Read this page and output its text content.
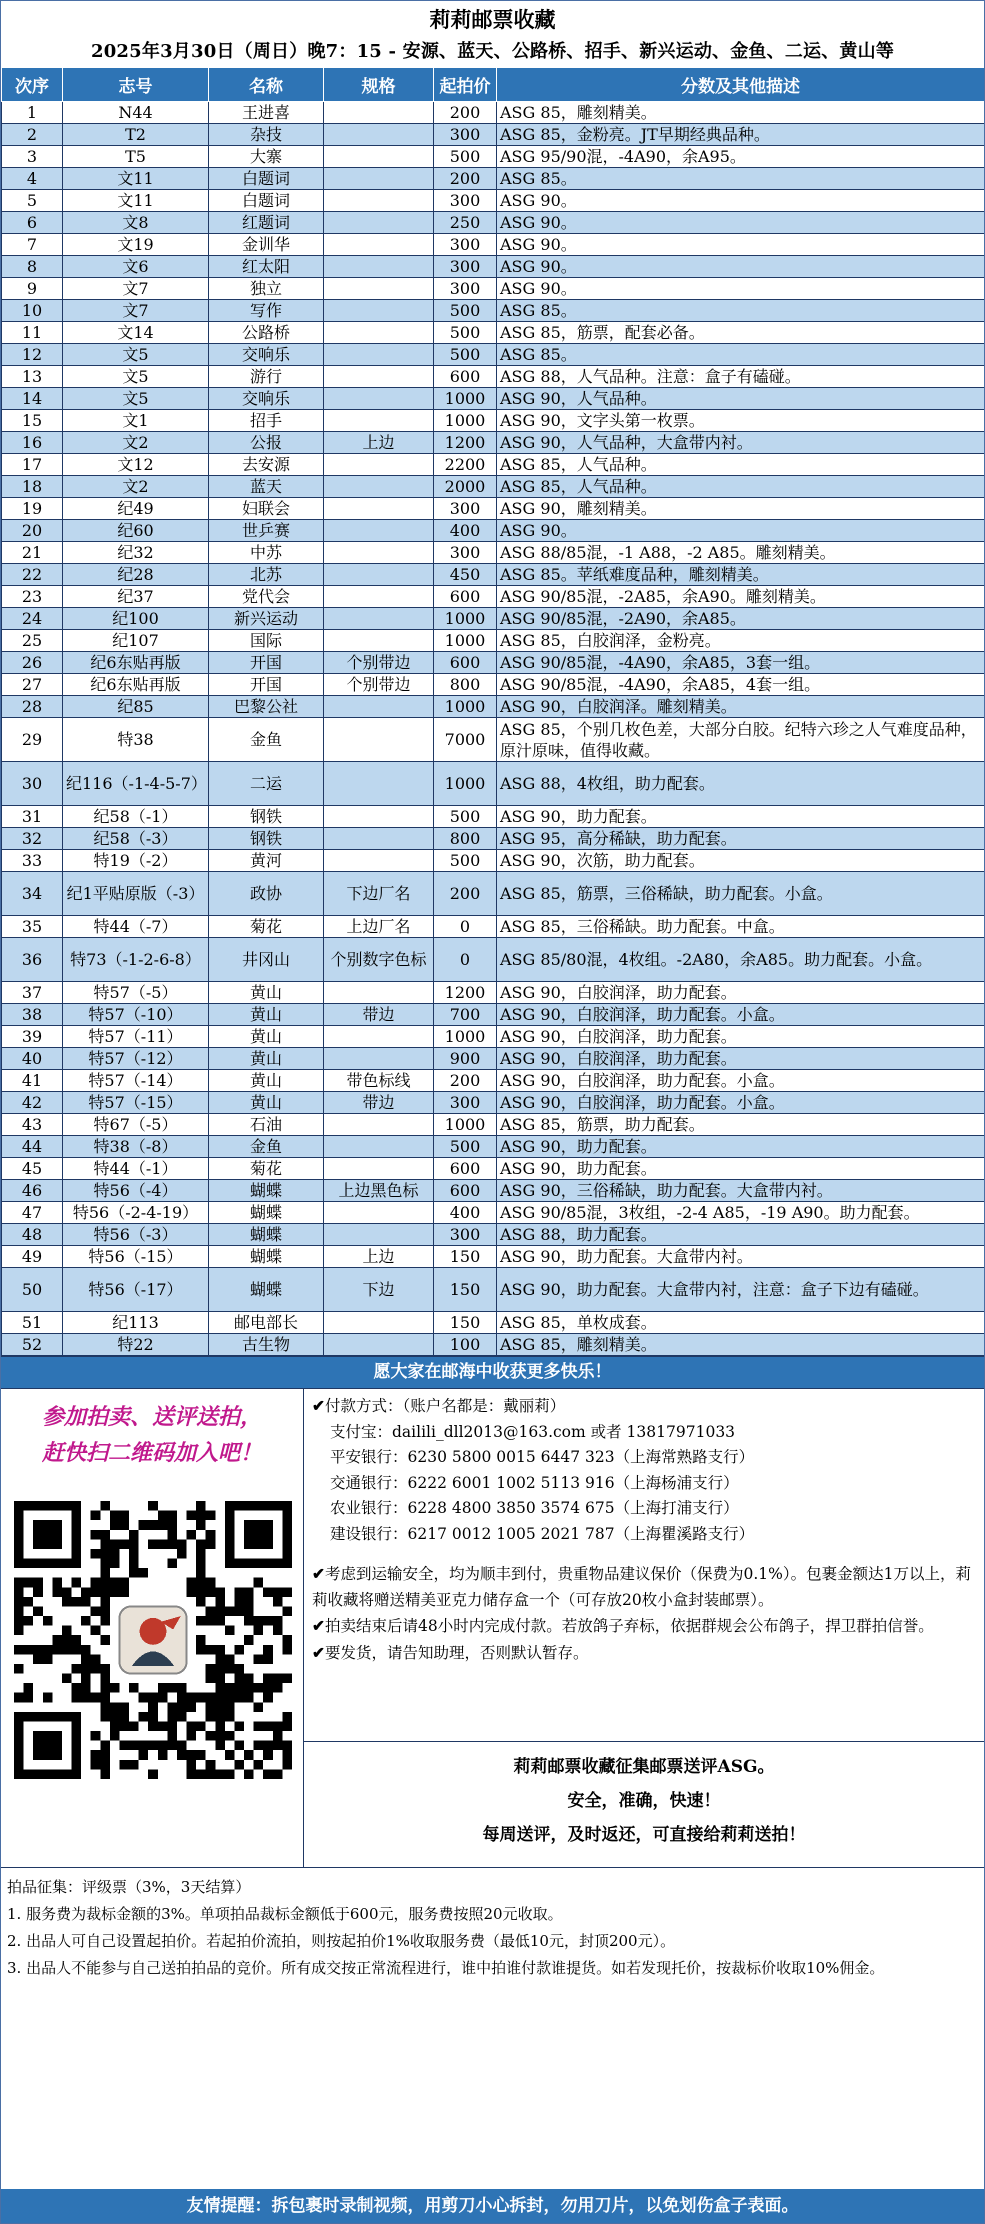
莉莉邮票收藏
2025年3月30日（周日）晚7：15 - 安源、蓝天、公路桥、招手、新兴运动、金鱼、二运、黄山等
次序	志号	名称	规格	起拍价	分数及其他描述
1	N44	王进喜		200	ASG 85，雕刻精美。
2	T2	杂技		300	ASG 85，金粉亮。JT早期经典品种。
3	T5	大寨		500	ASG 95/90混，-4A90，余A95。
4	文11	白题词		200	ASG 85。
5	文11	白题词		300	ASG 90。
6	文8	红题词		250	ASG 90。
7	文19	金训华		300	ASG 90。
8	文6	红太阳		300	ASG 90。
9	文7	独立		300	ASG 90。
10	文7	写作		500	ASG 85。
11	文14	公路桥		500	ASG 85，筋票，配套必备。
12	文5	交响乐		500	ASG 85。
13	文5	游行		600	ASG 88，人气品种。注意：盒子有磕碰。
14	文5	交响乐		1000	ASG 90，人气品种。
15	文1	招手		1000	ASG 90，文字头第一枚票。
16	文2	公报	上边	1200	ASG 90，人气品种，大盒带内衬。
17	文12	去安源		2200	ASG 85，人气品种。
18	文2	蓝天		2000	ASG 85，人气品种。
19	纪49	妇联会		300	ASG 90，雕刻精美。
20	纪60	世乒赛		400	ASG 90。
21	纪32	中苏		300	ASG 88/85混，-1 A88，-2 A85。雕刻精美。
22	纪28	北苏		450	ASG 85。苹纸难度品种，雕刻精美。
23	纪37	党代会		600	ASG 90/85混，-2A85，余A90。雕刻精美。
24	纪100	新兴运动		1000	ASG 90/85混，-2A90，余A85。
25	纪107	国际		1000	ASG 85，白胶润泽，金粉亮。
26	纪6东贴再版	开国	个别带边	600	ASG 90/85混，-4A90，余A85，3套一组。
27	纪6东贴再版	开国	个别带边	800	ASG 90/85混，-4A90，余A85，4套一组。
28	纪85	巴黎公社		1000	ASG 90，白胶润泽。雕刻精美。
29	特38	金鱼		7000	ASG 85，个别几枚色差，大部分白胶。纪特六珍之人气难度品种，原汁原味，值得收藏。
30	纪116（-1-4-5-7）	二运		1000	ASG 88，4枚组，助力配套。
31	纪58（-1）	钢铁		500	ASG 90，助力配套。
32	纪58（-3）	钢铁		800	ASG 95，高分稀缺，助力配套。
33	特19（-2）	黄河		500	ASG 90，次筋，助力配套。
34	纪1平贴原版（-3）	政协	下边厂名	200	ASG 85，筋票，三俗稀缺，助力配套。小盒。
35	特44（-7）	菊花	上边厂名	0	ASG 85，三俗稀缺。助力配套。中盒。
36	特73（-1-2-6-8）	井冈山	个别数字色标	0	ASG 85/80混，4枚组。-2A80，余A85。助力配套。小盒。
37	特57（-5）	黄山		1200	ASG 90，白胶润泽，助力配套。
38	特57（-10）	黄山	带边	700	ASG 90，白胶润泽，助力配套。小盒。
39	特57（-11）	黄山		1000	ASG 90，白胶润泽，助力配套。
40	特57（-12）	黄山		900	ASG 90，白胶润泽，助力配套。
41	特57（-14）	黄山	带色标线	200	ASG 90，白胶润泽，助力配套。小盒。
42	特57（-15）	黄山	带边	300	ASG 90，白胶润泽，助力配套。小盒。
43	特67（-5）	石油		1000	ASG 85，筋票，助力配套。
44	特38（-8）	金鱼		500	ASG 90，助力配套。
45	特44（-1）	菊花		600	ASG 90，助力配套。
46	特56（-4）	蝴蝶	上边黑色标	600	ASG 90，三俗稀缺，助力配套。大盒带内衬。
47	特56（-2-4-19）	蝴蝶		400	ASG 90/85混，3枚组，-2-4 A85，-19 A90。助力配套。
48	特56（-3）	蝴蝶		300	ASG 88，助力配套。
49	特56（-15）	蝴蝶	上边	150	ASG 90，助力配套。大盒带内衬。
50	特56（-17）	蝴蝶	下边	150	ASG 90，助力配套。大盒带内衬，注意：盒子下边有磕碰。
51	纪113	邮电部长		150	ASG 85，单枚成套。
52	特22	古生物		100	ASG 85，雕刻精美。
愿大家在邮海中收获更多快乐！
参加拍卖、送评送拍，
赶快扫二维码加入吧！
✔付款方式：（账户名都是：戴丽莉）
支付宝：dailili_dll2013@163.com 或者 13817971033
平安银行：6230 5800 0015 6447 323（上海常熟路支行）
交通银行：6222 6001 1002 5113 916（上海杨浦支行）
农业银行：6228 4800 3850 3574 675（上海打浦支行）
建设银行：6217 0012 1005 2021 787（上海瞿溪路支行）
✔考虑到运输安全，均为顺丰到付，贵重物品建议保价（保费为0.1%）。包裹金额达1万以上，莉莉收藏将赠送精美亚克力储存盒一个（可存放20枚小盒封装邮票）。
✔拍卖结束后请48小时内完成付款。若放鸽子弃标，依据群规会公布鸽子，捍卫群拍信誉。
✔要发货，请告知助理，否则默认暂存。
莉莉邮票收藏征集邮票送评ASG。
安全，准确，快速！
每周送评，及时返还，可直接给莉莉送拍！
拍品征集：评级票（3%，3天结算）
1. 服务费为裁标金额的3%。单项拍品裁标金额低于600元，服务费按照20元收取。
2. 出品人可自己设置起拍价。若起拍价流拍，则按起拍价1%收取服务费（最低10元，封顶200元）。
3. 出品人不能参与自己送拍拍品的竞价。所有成交按正常流程进行，谁中拍谁付款谁提货。如若发现托价，按裁标价收取10%佣金。
友情提醒：拆包裹时录制视频，用剪刀小心拆封，勿用刀片，以免划伤盒子表面。
